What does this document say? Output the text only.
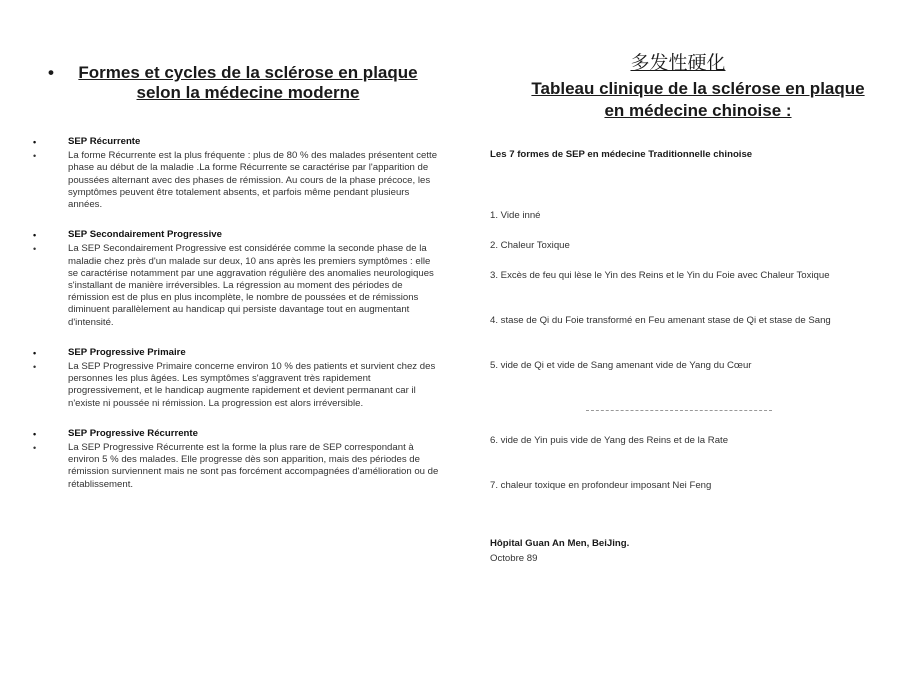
•	Formes et cycles de la sclérose en plaque
selon la médecine moderne
•	SEP Récurrente
•	La forme Récurrente est la plus fréquente : plus de 80 % des malades présentent cette phase au début de la maladie .La forme Récurrente se caractérise par l'apparition de poussées alternant avec des phases de rémission. Au cours de la phase précoce, les symptômes peuvent être totalement absents, et parfois même pendant plusieurs années.
•	SEP Secondairement Progressive
•	La SEP Secondairement Progressive est considérée comme la seconde phase de la maladie chez près d'un malade sur deux, 10 ans après les premiers symptômes : elle se caractérise notamment par une aggravation régulière des anomalies neurologiques s'installant de manière irréversibles. La régression au moment des périodes de rémission est de plus en plus incomplète, le nombre de poussées et de rémissions diminuent parallèlement au handicap qui persiste davantage tout en augmentant d'intensité.
•	SEP Progressive Primaire
•	La SEP Progressive Primaire concerne environ 10 % des patients et survient chez des personnes les plus âgées. Les symptômes s'aggravent très rapidement progressivement, et le handicap augmente rapidement et devient permanant car il n'existe ni poussée ni rémission. La progression est alors irréversible.
•	SEP Progressive Récurrente
•	La SEP Progressive Récurrente est la forme la plus rare de SEP correspondant à environ 5 % des malades. Elle progresse dès son apparition, mais des périodes de rémission surviennent mais ne sont pas forcément accompagnées d'amélioration ou de rétablissement.
多发性硬化
Tableau clinique de la sclérose en plaque
en médecine chinoise :
Les 7 formes de SEP en médecine Traditionnelle chinoise
1. Vide inné
2. Chaleur Toxique
3. Excès de feu qui lèse le Yin des Reins et le Yin du Foie avec Chaleur Toxique
4. stase de Qi du Foie transformé en Feu amenant stase de Qi et stase de Sang
5. vide de Qi et vide de Sang amenant vide de Yang du Cœur
6. vide de Yin puis vide de Yang des Reins et de la Rate
7. chaleur toxique en profondeur imposant Nei Feng
Hôpital Guan An Men, BeiJing.
Octobre 89
